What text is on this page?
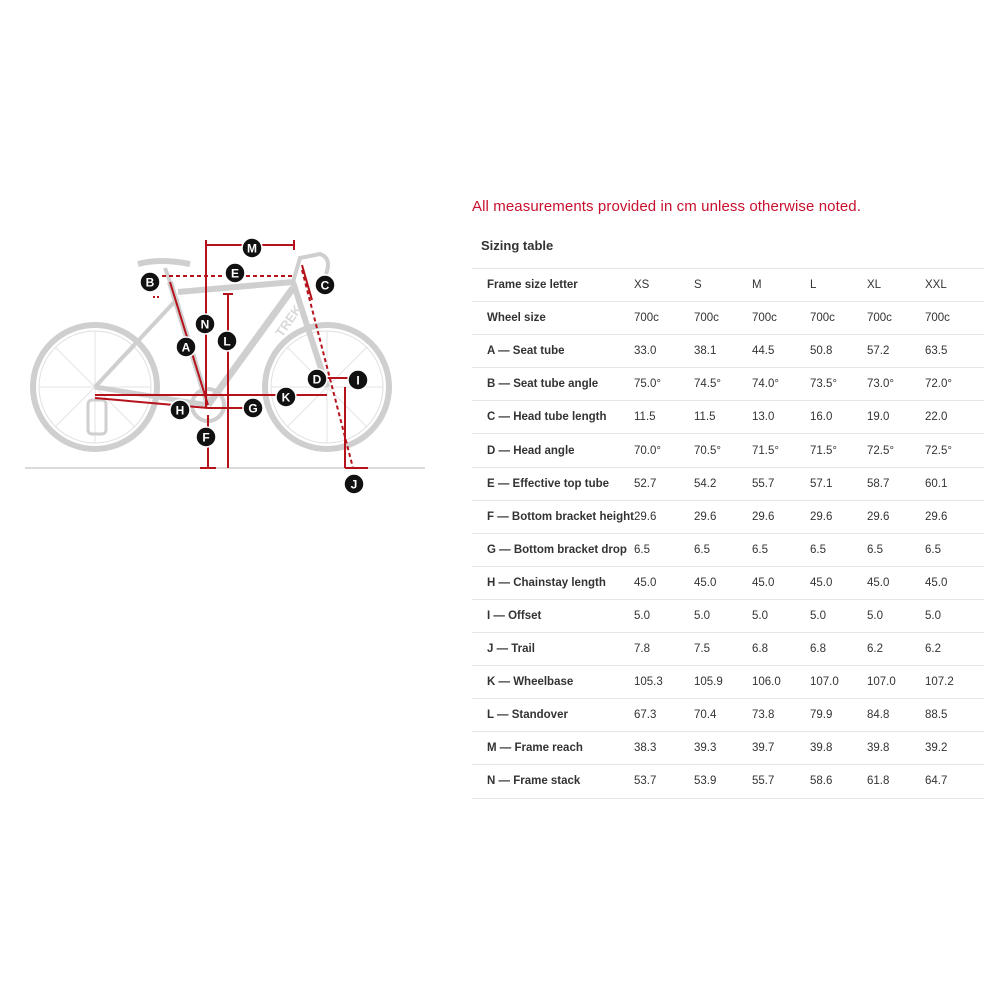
TREK
A
B	C
D
E
F
G
H
I
J
K
L
M
N
All measurements provided in cm unless otherwise noted.
Sizing table
Frame size letter	XS	S	M	L	XL	XXL
Wheel size	700c	700c	700c	700c	700c	700c
A — Seat tube	33.0	38.1	44.5	50.8	57.2	63.5
B — Seat tube angle	75.0°	74.5°	74.0°	73.5°	73.0°	72.0°
C — Head tube length	11.5	11.5	13.0	16.0	19.0	22.0
D — Head angle	70.0°	70.5°	71.5°	71.5°	72.5°	72.5°
E — Effective top tube	52.7	54.2	55.7	57.1	58.7	60.1
F — Bottom bracket height	29.6	29.6	29.6	29.6	29.6	29.6
G — Bottom bracket drop	6.5	6.5	6.5	6.5	6.5	6.5
H — Chainstay length	45.0	45.0	45.0	45.0	45.0	45.0
I — Offset	5.0	5.0	5.0	5.0	5.0	5.0
J — Trail	7.8	7.5	6.8	6.8	6.2	6.2
K — Wheelbase	105.3	105.9	106.0	107.0	107.0	107.2
L — Standover	67.3	70.4	73.8	79.9	84.8	88.5
M — Frame reach	38.3	39.3	39.7	39.8	39.8	39.2
N — Frame stack	53.7	53.9	55.7	58.6	61.8	64.7
